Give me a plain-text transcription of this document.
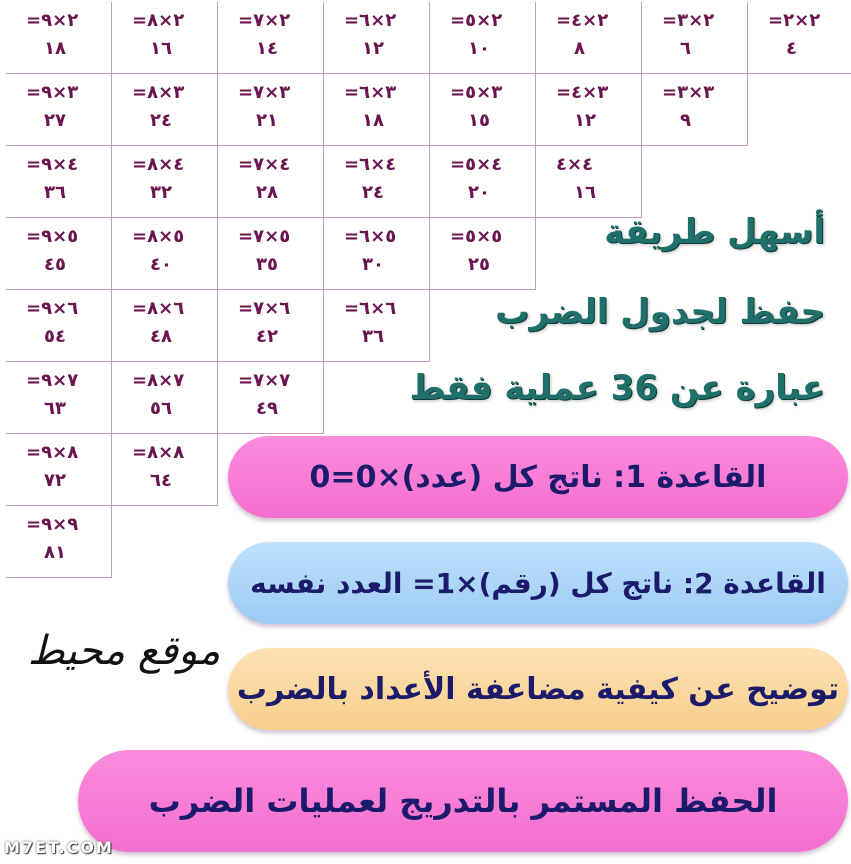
٢×٢=
٤
٢×٣=
٦
٢×٤=
٨
٢×٥=
١٠
٢×٦=
١٢
٢×٧=
١٤
٢×٨=
١٦
٢×٩=
١٨
٣×٣=
٩
٣×٤=
١٢
٣×٥=
١٥
٣×٦=
١٨
٣×٧=
٢١
٣×٨=
٢٤
٣×٩=
٢٧
٤×٤
١٦
٤×٥=
٢٠
٤×٦=
٢٤
٤×٧=
٢٨
٤×٨=
٣٢
٤×٩=
٣٦
٥×٥=
٢٥
٥×٦=
٣٠
٥×٧=
٣٥
٥×٨=
٤٠
٥×٩=
٤٥
٦×٦=
٣٦
٦×٧=
٤٢
٦×٨=
٤٨
٦×٩=
٥٤
٧×٧=
٤٩
٧×٨=
٥٦
٧×٩=
٦٣
٨×٨=
٦٤
٨×٩=
٧٢
٩×٩=
٨١
أسهل طريقة
حفظ لجدول الضرب
عبارة عن 36 عملية فقط
القاعدة 1: ناتج كل (عدد)×0=0
القاعدة 2: ناتج كل (رقم)×1= العدد نفسه
توضيح عن كيفية مضاعفة الأعداد بالضرب
الحفظ المستمر بالتدريج لعمليات الضرب
موقع محيط
M7ET.COM
